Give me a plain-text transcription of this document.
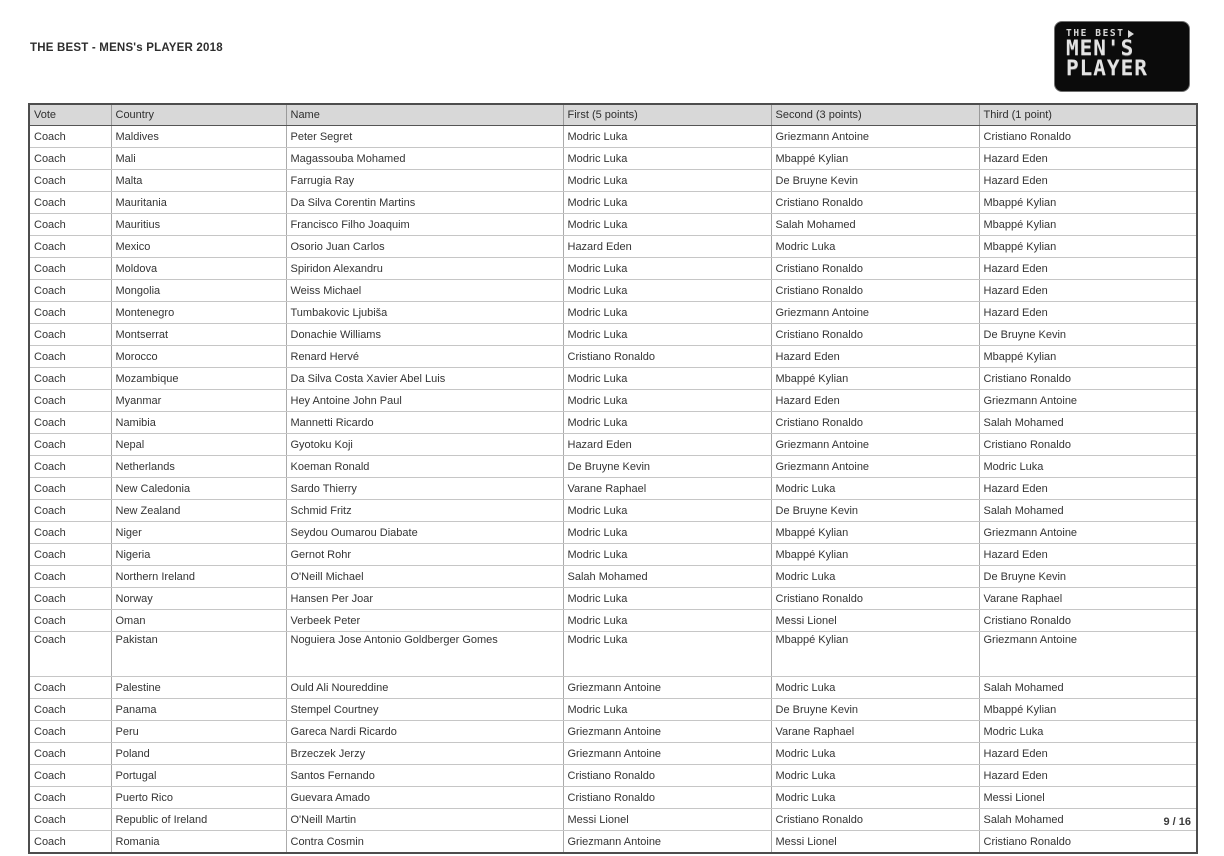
THE BEST - MENS's PLAYER 2018
THE BEST
MEN'S
PLAYER
Vote	Country	Name	First (5 points)	Second (3 points)	Third (1 point)
Coach	Maldives	Peter Segret	Modric Luka	Griezmann Antoine	Cristiano Ronaldo
Coach	Mali	Magassouba Mohamed	Modric Luka	Mbappé Kylian	Hazard Eden
Coach	Malta	Farrugia Ray	Modric Luka	De Bruyne Kevin	Hazard Eden
Coach	Mauritania	Da Silva Corentin Martins	Modric Luka	Cristiano Ronaldo	Mbappé Kylian
Coach	Mauritius	Francisco Filho Joaquim	Modric Luka	Salah Mohamed	Mbappé Kylian
Coach	Mexico	Osorio Juan Carlos	Hazard Eden	Modric Luka	Mbappé Kylian
Coach	Moldova	Spiridon Alexandru	Modric Luka	Cristiano Ronaldo	Hazard Eden
Coach	Mongolia	Weiss Michael	Modric Luka	Cristiano Ronaldo	Hazard Eden
Coach	Montenegro	Tumbakovic Ljubiša	Modric Luka	Griezmann Antoine	Hazard Eden
Coach	Montserrat	Donachie Williams	Modric Luka	Cristiano Ronaldo	De Bruyne Kevin
Coach	Morocco	Renard Hervé	Cristiano Ronaldo	Hazard Eden	Mbappé Kylian
Coach	Mozambique	Da Silva Costa Xavier Abel Luis	Modric Luka	Mbappé Kylian	Cristiano Ronaldo
Coach	Myanmar	Hey Antoine John Paul	Modric Luka	Hazard Eden	Griezmann Antoine
Coach	Namibia	Mannetti Ricardo	Modric Luka	Cristiano Ronaldo	Salah Mohamed
Coach	Nepal	Gyotoku Koji	Hazard Eden	Griezmann Antoine	Cristiano Ronaldo
Coach	Netherlands	Koeman Ronald	De Bruyne Kevin	Griezmann Antoine	Modric Luka
Coach	New Caledonia	Sardo Thierry	Varane Raphael	Modric Luka	Hazard Eden
Coach	New Zealand	Schmid Fritz	Modric Luka	De Bruyne Kevin	Salah Mohamed
Coach	Niger	Seydou Oumarou Diabate	Modric Luka	Mbappé Kylian	Griezmann Antoine
Coach	Nigeria	Gernot Rohr	Modric Luka	Mbappé Kylian	Hazard Eden
Coach	Northern Ireland	O'Neill Michael	Salah Mohamed	Modric Luka	De Bruyne Kevin
Coach	Norway	Hansen Per Joar	Modric Luka	Cristiano Ronaldo	Varane Raphael
Coach	Oman	Verbeek Peter	Modric Luka	Messi Lionel	Cristiano Ronaldo
Coach	Pakistan	Noguiera Jose Antonio Goldberger Gomes	Modric Luka	Mbappé Kylian	Griezmann Antoine
Coach	Palestine	Ould Ali Noureddine	Griezmann Antoine	Modric Luka	Salah Mohamed
Coach	Panama	Stempel Courtney	Modric Luka	De Bruyne Kevin	Mbappé Kylian
Coach	Peru	Gareca Nardi Ricardo	Griezmann Antoine	Varane Raphael	Modric Luka
Coach	Poland	Brzeczek Jerzy	Griezmann Antoine	Modric Luka	Hazard Eden
Coach	Portugal	Santos Fernando	Cristiano Ronaldo	Modric Luka	Hazard Eden
Coach	Puerto Rico	Guevara Amado	Cristiano Ronaldo	Modric Luka	Messi Lionel
Coach	Republic of Ireland	O'Neill Martin	Messi Lionel	Cristiano Ronaldo	Salah Mohamed
Coach	Romania	Contra Cosmin	Griezmann Antoine	Messi Lionel	Cristiano Ronaldo
9 / 16
